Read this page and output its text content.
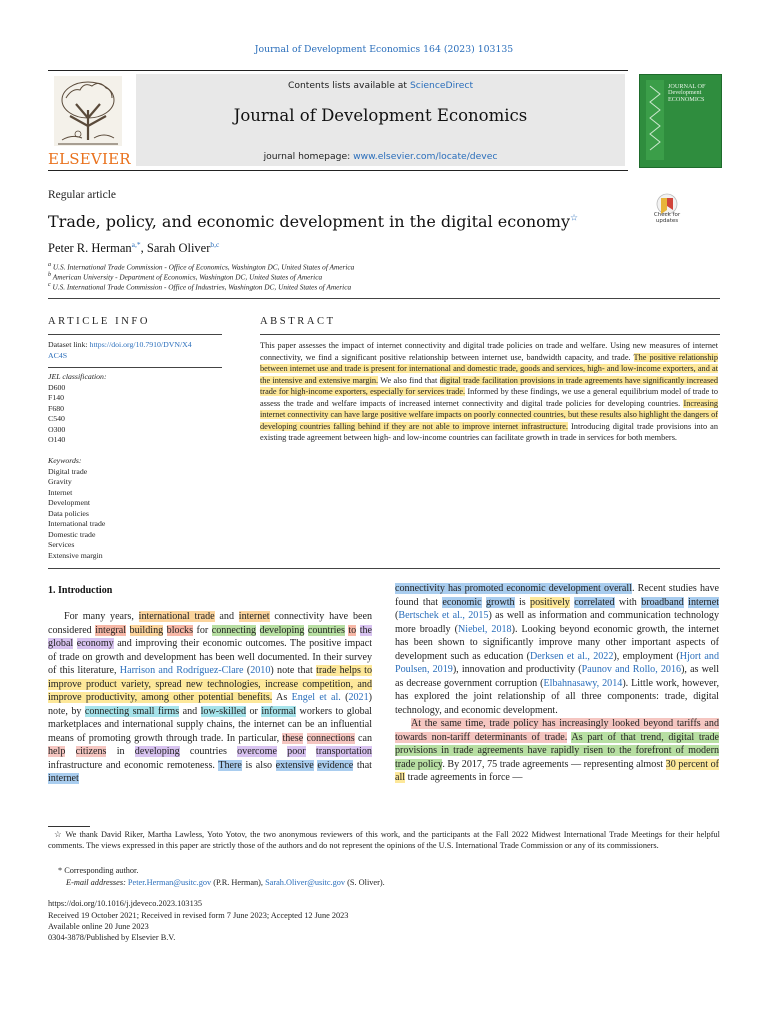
Journal of Development Economics 164 (2023) 103135
ELSEVIER
Contents lists available at ScienceDirect
Journal of Development Economics
journal homepage: www.elsevier.com/locate/devec
JOURNAL OF
Development
ECONOMICS
Regular article
Trade, policy, and economic development in the digital economy☆	Check for
updates
Peter R. Herman$^{a,*}$, Sarah Oliver$^{b,c}$
$^a$ U.S. International Trade Commission - Office of Economics, Washington DC, United States of America
$^b$ American University - Department of Economics, Washington DC, United States of America
$^c$ U.S. International Trade Commission - Office of Industries, Washington DC, United States of America
ARTICLE INFO
Dataset link: https://doi.org/10.7910/DVN/X4
AC4S
JEL classification:
D600
F140
F680
C540
O300
O140
Keywords:
Digital trade
Gravity
Internet
Development
Data policies
International trade
Domestic trade
Services
Extensive margin
ABSTRACT
This paper assesses the impact of internet connectivity and digital trade policies on trade and welfare. Using new measures of internet connectivity, we find a significant positive relationship between internet use, bandwidth capacity, and trade. The positive relationship between internet use and trade is present for international and domestic trade, goods and services, high- and low-income exporters, and at the intensive and extensive margin. We also find that digital trade facilitation provisions in trade agreements have significantly increased trade for high-income exporters, especially for services trade. Informed by these findings, we use a general equilibrium model of trade to assess the trade and welfare impacts of increased internet connectivity and digital trade policies for developing countries. Increasing internet connectivity can have large positive welfare impacts on poorly connected countries, but these results also highlight the dangers of developing countries falling behind if they are not able to improve internet infrastructure. Introducing digital trade provisions into an existing trade agreement between high- and low-income countries can facilitate growth in trade in services for both members.
1. Introduction

For many years, international trade and internet connectivity have been considered integral building blocks for connecting developing countries to the global economy and improving their economic outcomes. The positive impact of trade on growth and development has been well documented. In their survey of this literature, Harrison and Rodríguez-Clare (2010) note that trade helps to improve product variety, spread new technologies, increase competition, and improve productivity, among other potential benefits. As Engel et al. (2021) note, by connecting small firms and low-skilled or informal workers to global marketplaces and international supply chains, the internet can be an influential means of promoting growth through trade. In particular, these connections can help citizens in developing countries overcome poor transportation infrastructure and economic remoteness. There is also extensive evidence that internet

connectivity has promoted economic development overall. Recent studies have found that economic growth is positively correlated with broadband internet (Bertschek et al., 2015) as well as information and communication technology more broadly (Niebel, 2018). Looking beyond economic growth, the internet has been shown to significantly improve many other important aspects of development such as education (Derksen et al., 2022), employment (Hjort and Poulsen, 2019), innovation and productivity (Paunov and Rollo, 2016), as well as decrease government corruption (Elbahnasawy, 2014). Little work, however, has explored the joint relationship of all three components: trade, digital technology, and economic development.

At the same time, trade policy has increasingly looked beyond tariffs and towards non-tariff determinants of trade. As part of that trend, digital trade provisions in trade agreements have rapidly risen to the forefront of modern trade policy. By 2017, 75 trade agreements — representing almost 30 percent of all trade agreements in force —

☆ We thank David Riker, Martha Lawless, Yoto Yotov, the two anonymous reviewers of this work, and the participants at the Fall 2022 Midwest International Trade Meetings for their helpful comments. The views expressed in this paper are strictly those of the authors and do not represent the opinions of the U.S. International Trade Commission or any of its commissioners.
* Corresponding author.
E-mail addresses: Peter.Herman@usitc.gov (P.R. Herman), Sarah.Oliver@usitc.gov (S. Oliver).
https://doi.org/10.1016/j.jdeveco.2023.103135
Received 19 October 2021; Received in revised form 7 June 2023; Accepted 12 June 2023
Available online 20 June 2023
0304-3878/Published by Elsevier B.V.
